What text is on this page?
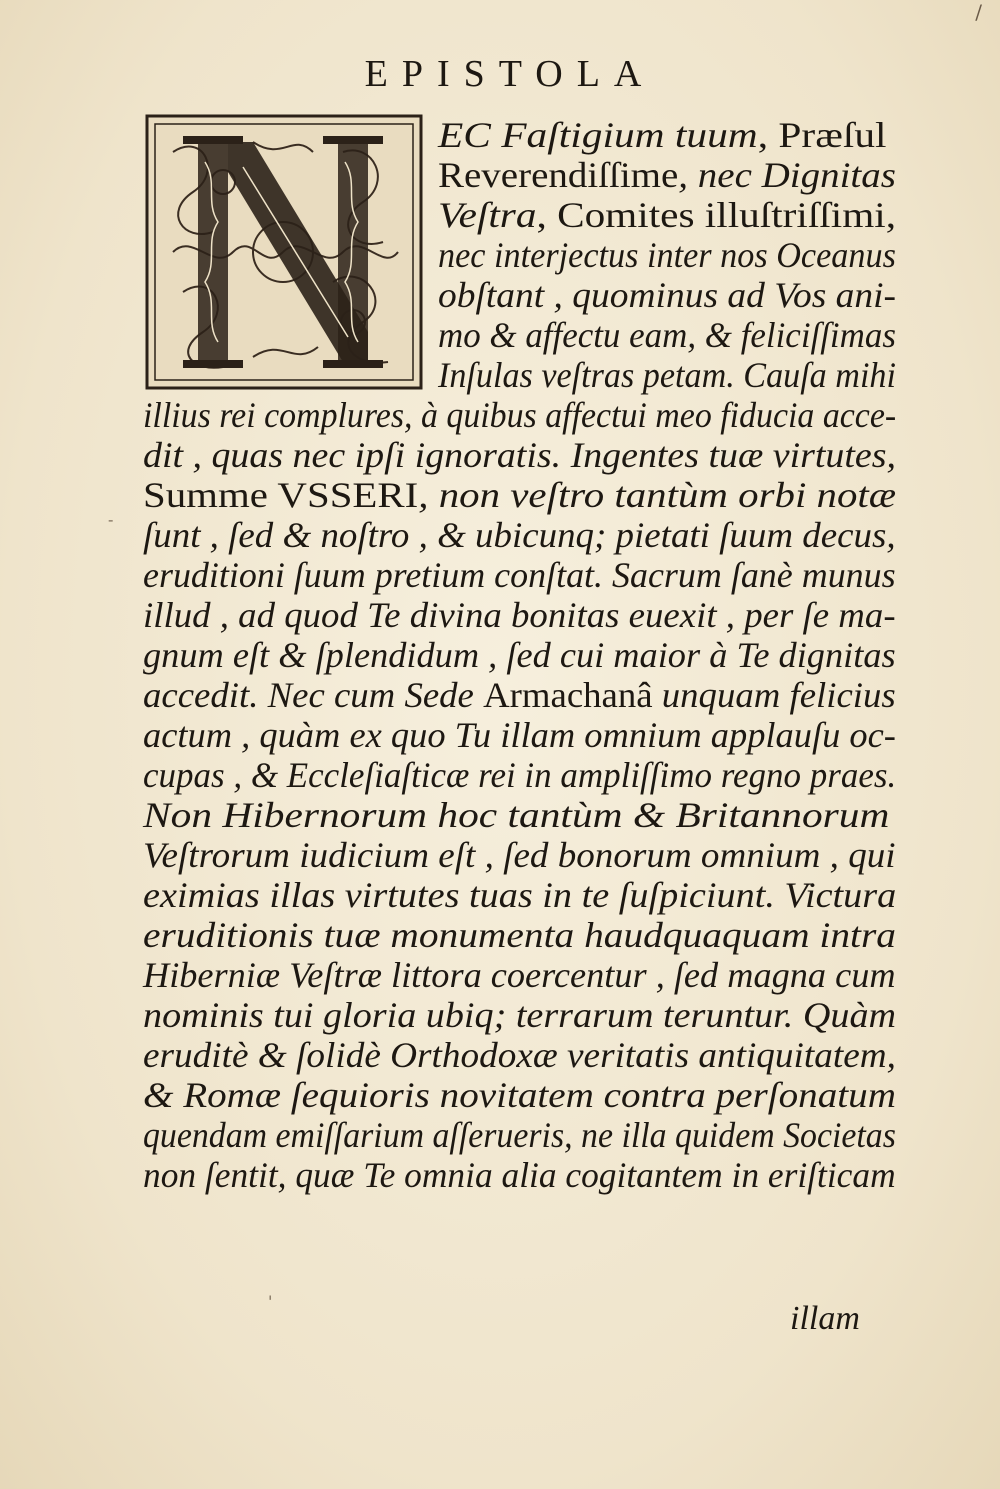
/
EPISTOLA
EC Faſtigium tuum, Præſul
Reverendiſſime, nec Dignitas
Veſtra, Comites illuſtriſſimi,
nec interjectus inter nos Oceanus
obſtant , quominus ad Vos ani-
mo & affectu eam, & feliciſſimas
Inſulas veſtras petam. Cauſa mihi
illius rei complures, à quibus affectui meo fiducia acce-
dit , quas nec ipſi ignoratis. Ingentes tuæ virtutes,
Summe VSSERI, non veſtro tantùm orbi notæ
ſunt , ſed & noſtro , & ubicunq; pietati ſuum decus,
eruditioni ſuum pretium conſtat. Sacrum ſanè munus
illud , ad quod Te divina bonitas euexit , per ſe ma-
gnum eſt & ſplendidum , ſed cui maior à Te dignitas
accedit. Nec cum Sede Armachanâ unquam felicius
actum , quàm ex quo Tu illam omnium applauſu oc-
cupas , & Eccleſiaſticæ rei in ampliſſimo regno praes.
Non Hibernorum hoc tantùm & Britannorum
Veſtrorum iudicium eſt , ſed bonorum omnium , qui
eximias illas virtutes tuas in te ſuſpiciunt. Victura
eruditionis tuæ monumenta haudquaquam intra
Hiberniæ Veſtræ littora coercentur , ſed magna cum
nominis tui gloria ubiq; terrarum teruntur. Quàm
eruditè & ſolidè Orthodoxæ veritatis antiquitatem,
& Romæ ſequioris novitatem contra perſonatum
quendam emiſſarium aſſerueris, ne illa quidem Societas
non ſentit, quæ Te omnia alia cogitantem in eriſticam
-
'	illam
